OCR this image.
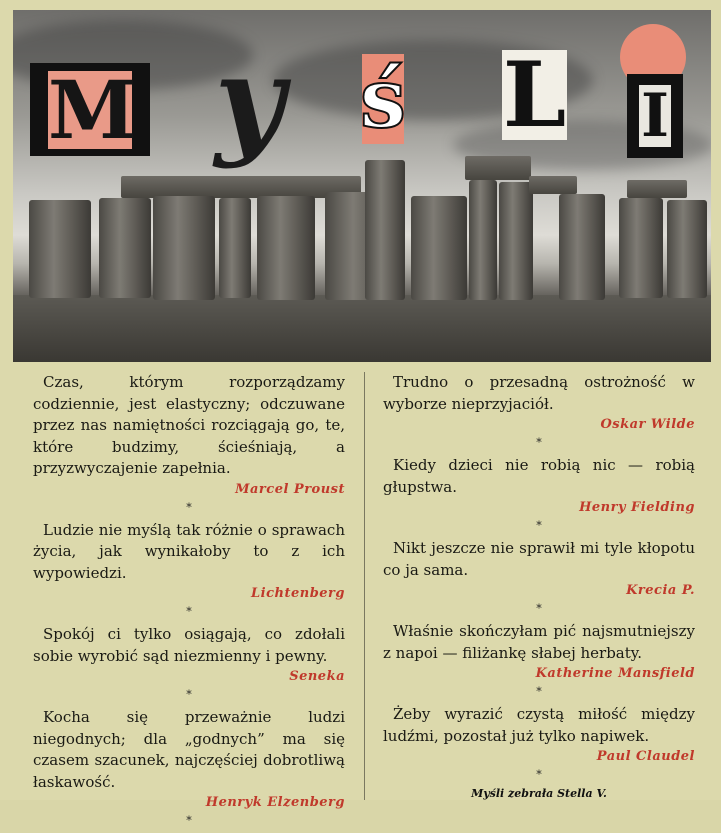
M y ś L I

Czas, którym rozporządzamy codziennie, jest elastyczny; odczuwane przez nas namiętności rozciągają go, te, które budzimy, ścieśniają, a przyzwyczajenie zapełnia.

Marcel Proust
*

Ludzie nie myślą tak różnie o sprawach życia, jak wynikałoby to z ich wypowiedzi.

Lichtenberg
*

Spokój ci tylko osiągają, co zdołali sobie wyrobić sąd niezmienny i pewny.

Seneka
*

Kocha się przeważnie ludzi niegodnych; dla „godnych” ma się czasem szacunek, najczęściej dobrotliwą łaskawość.

Henryk Elzenberg
*

Trudno o przesadną ostrożność w wyborze nieprzyjaciół.

Oskar Wilde
*

Kiedy dzieci nie robią nic — robią głupstwa.

Henry Fielding
*

Nikt jeszcze nie sprawił mi tyle kłopotu co ja sama.

Krecia P.
*

Właśnie skończyłam pić najsmutniejszy z napoi — filiżankę słabej herbaty.

Katherine Mansfield
*

Żeby wyrazić czystą miłość między ludźmi, pozostał już tylko napiwek.

Paul Claudel
*
Myśli zebrała Stella V.
